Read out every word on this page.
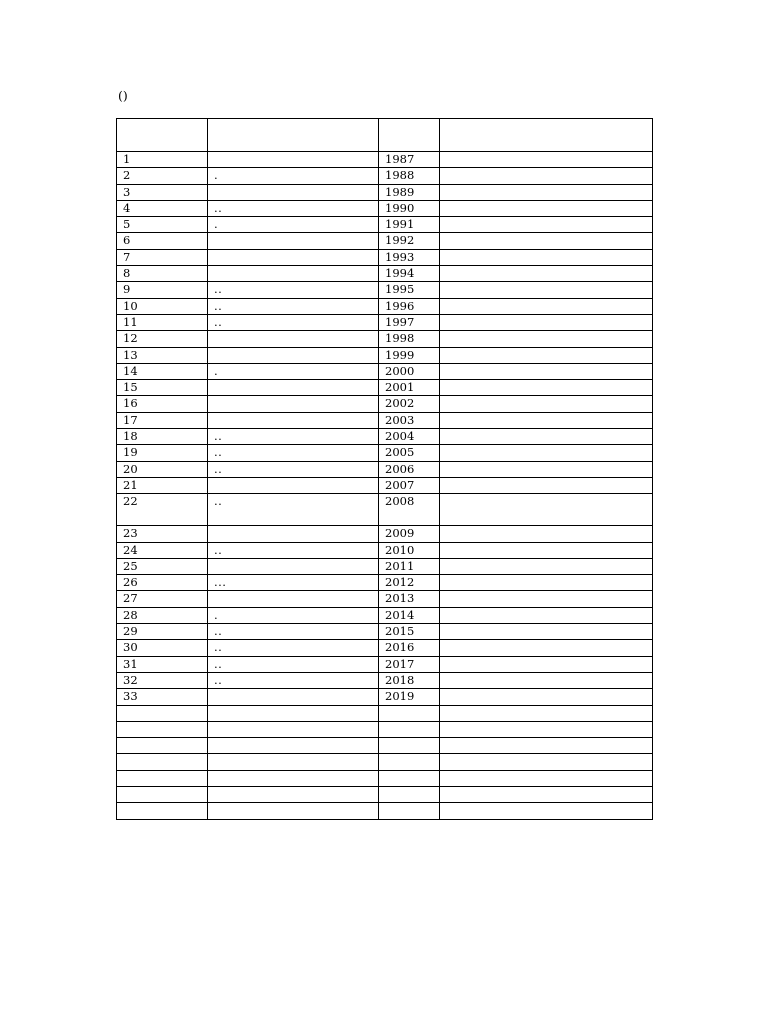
()

1		1987	
2	.	1988	
3		1989	
4	..	1990	
5	.	1991	
6		1992	
7		1993	
8		1994	
9	..	1995	
10	..	1996	
11	..	1997	
12		1998	
13		1999	
14	.	2000	
15		2001	
16		2002	
17		2003	
18	..	2004	
19	..	2005	
20	..	2006	
21		2007	
22	..	2008	
23		2009	
24	..	2010	
25		2011	
26	...	2012	
27		2013	
28	.	2014	
29	..	2015	
30	..	2016	
31	..	2017	
32	..	2018	
33		2019	
